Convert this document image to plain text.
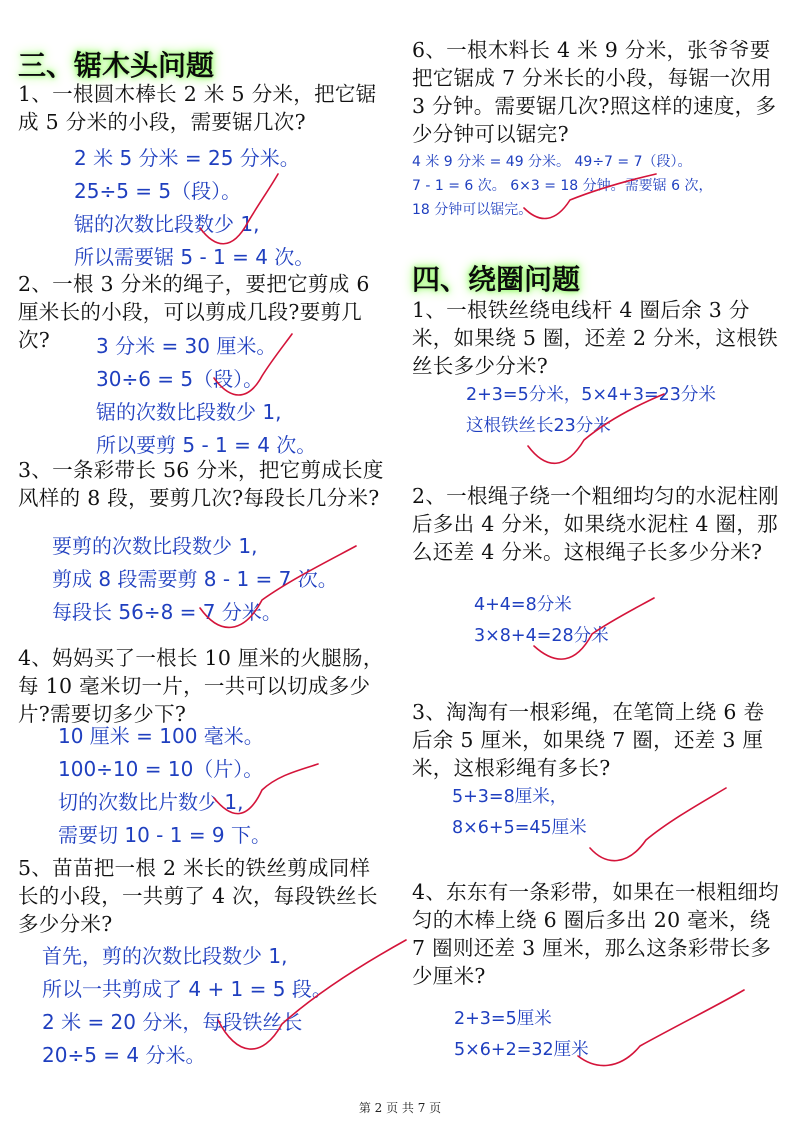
三、锯木头问题
1、一根圆木棒长 2 米 5 分米，把它锯成 5 分米的小段，需要锯几次?
2 米 5 分米 = 25 分米。
25÷5 = 5（段）。
锯的次数比段数少 1,
所以需要锯 5 - 1 = 4 次。
2、一根 3 分米的绳子，要把它剪成 6 厘米长的小段，可以剪成几段?要剪几次?	3 分米 = 30 厘米。
30÷6 = 5（段）。
锯的次数比段数少 1,
所以要剪 5 - 1 = 4 次。
3、一条彩带长 56 分米，把它剪成长度风样的 8 段，要剪几次?每段长几分米?
要剪的次数比段数少 1,
剪成 8 段需要剪 8 - 1 = 7 次。
每段长 56÷8 = 7 分米。
4、妈妈买了一根长 10 厘米的火腿肠，每 10 毫米切一片，一共可以切成多少片?需要切多少下?
10 厘米 = 100 毫米。
100÷10 = 10（片）。
切的次数比片数少 1,
需要切 10 - 1 = 9 下。
5、苗苗把一根 2 米长的铁丝剪成同样长的小段，一共剪了 4 次，每段铁丝长多少分米?
首先，剪的次数比段数少 1,
所以一共剪成了 4 + 1 = 5 段。
2 米 = 20 分米，每段铁丝长
20÷5 = 4 分米。
6、一根木料长 4 米 9 分米，张爷爷要把它锯成 7 分米长的小段，每锯一次用 3 分钟。需要锯几次?照这样的速度，多少分钟可以锯完?
4 米 9 分米 = 49 分米。 49÷7 = 7（段）。
7 - 1 = 6 次。 6×3 = 18 分钟。需要锯 6 次，
18 分钟可以锯完。
四、绕圈问题
1、一根铁丝绕电线杆 4 圈后余 3 分米，如果绕 5 圈，还差 2 分米，这根铁丝长多少分米?
2+3=5分米，5×4+3=23分米
这根铁丝长23分米
2、一根绳子绕一个粗细均匀的水泥柱刚后多出 4 分米，如果绕水泥柱 4 圈，那么还差 4 分米。这根绳子长多少分米?
4+4=8分米
3×8+4=28分米
3、淘淘有一根彩绳，在笔筒上绕 6 卷后余 5 厘米，如果绕 7 圈，还差 3 厘米，这根彩绳有多长?
5+3=8厘米，
8×6+5=45厘米
4、东东有一条彩带，如果在一根粗细均匀的木棒上绕 6 圈后多出 20 毫米，绕 7 圈则还差 3 厘米，那么这条彩带长多少厘米?
2+3=5厘米
5×6+2=32厘米
第 2 页 共 7 页
